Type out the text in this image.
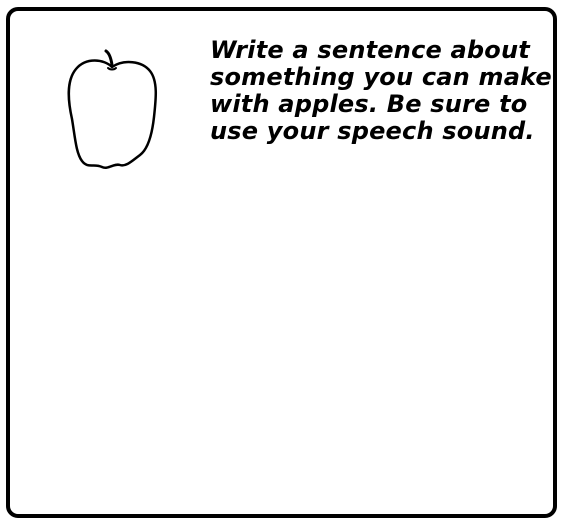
Write a sentence about
something you can make
with apples. Be sure to
use your speech sound.
